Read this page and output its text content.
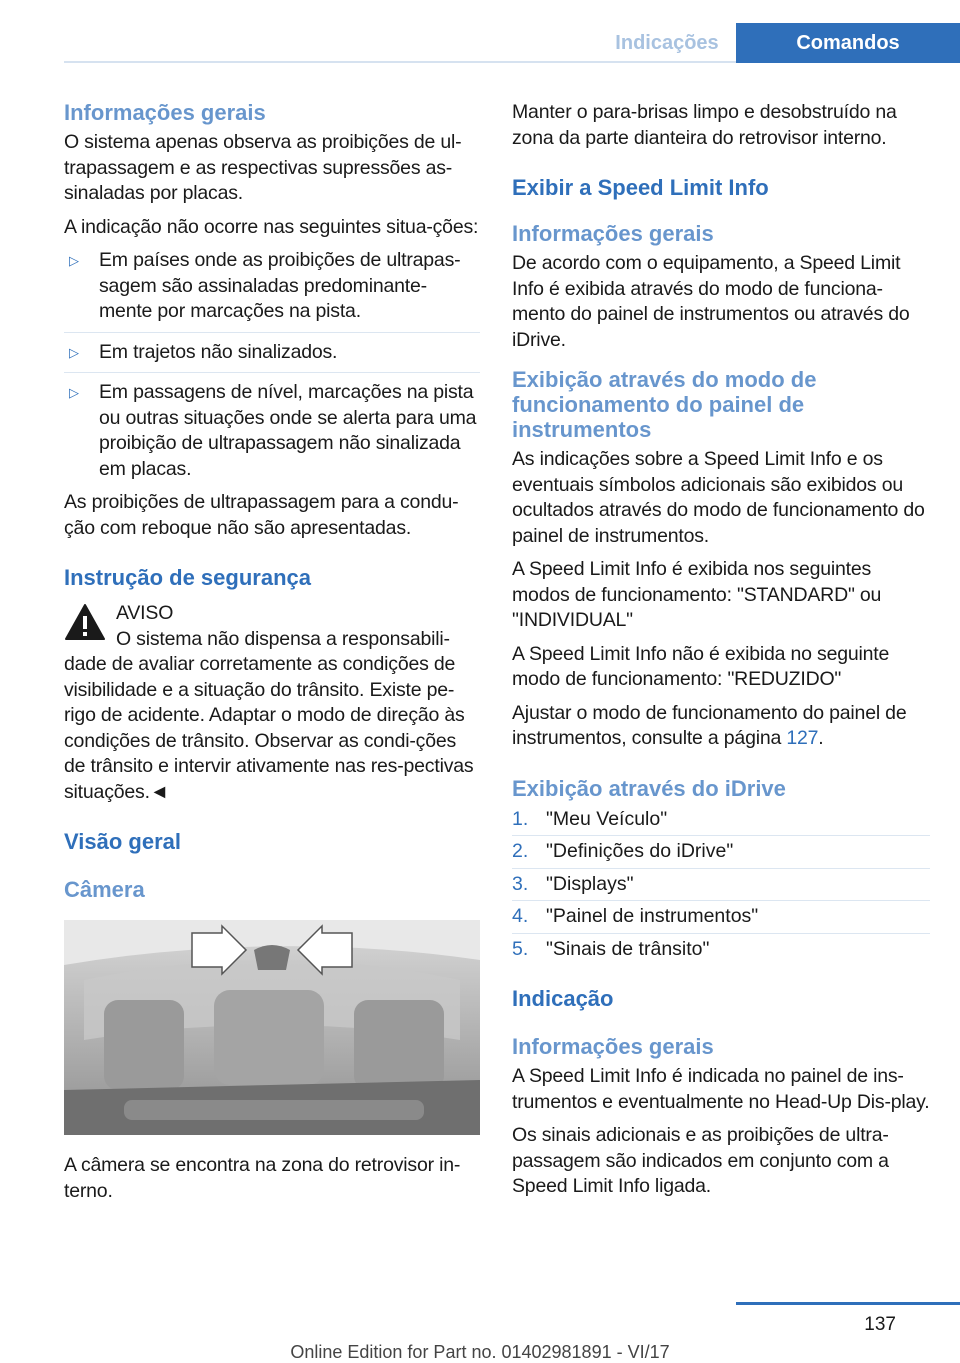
Indicações	Comandos
Informações gerais

O sistema apenas observa as proibições de ul-trapassagem e as respectivas supressões as-sinaladas por placas.

A indicação não ocorre nas seguintes situa-ções:

▷ Em países onde as proibições de ultrapas-sagem são assinaladas predominante-mente por marcações na pista.
▷ Em trajetos não sinalizados.
▷ Em passagens de nível, marcações na pista ou outras situações onde se alerta para uma proibição de ultrapassagem não sinalizada em placas.

As proibições de ultrapassagem para a condu-ção com reboque não são apresentadas.

Instrução de segurança

AVISO

O sistema não dispensa a responsabili-

dade de avaliar corretamente as condições de visibilidade e a situação do trânsito. Existe pe-rigo de acidente. Adaptar o modo de direção às condições de trânsito. Observar as condi-ções de trânsito e intervir ativamente nas res-pectivas situações.◄

Visão geral
Câmera

A câmera se encontra na zona do retrovisor in-terno.

Manter o para-brisas limpo e desobstruído na zona da parte dianteira do retrovisor interno.

Exibir a Speed Limit Info
Informações gerais

De acordo com o equipamento, a Speed Limit Info é exibida através do modo de funciona-mento do painel de instrumentos ou através do iDrive.

Exibição através do modo de funcionamento do painel de instrumentos

As indicações sobre a Speed Limit Info e os eventuais símbolos adicionais são exibidos ou ocultados através do modo de funcionamento do painel de instrumentos.

A Speed Limit Info é exibida nos seguintes modos de funcionamento: "STANDARD" ou "INDIVIDUAL"

A Speed Limit Info não é exibida no seguinte modo de funcionamento: "REDUZIDO"

Ajustar o modo de funcionamento do painel de instrumentos, consulte a página 127.

Exibição através do iDrive
1. "Meu Veículo"
2. "Definições do iDrive"
3. "Displays"
4. "Painel de instrumentos"
5. "Sinais de trânsito"
Indicação
Informações gerais

A Speed Limit Info é indicada no painel de ins-trumentos e eventualmente no Head-Up Dis-play.

Os sinais adicionais e as proibições de ultra-passagem são indicados em conjunto com a Speed Limit Info ligada.

137
Online Edition for Part no. 01402981891 - VI/17
